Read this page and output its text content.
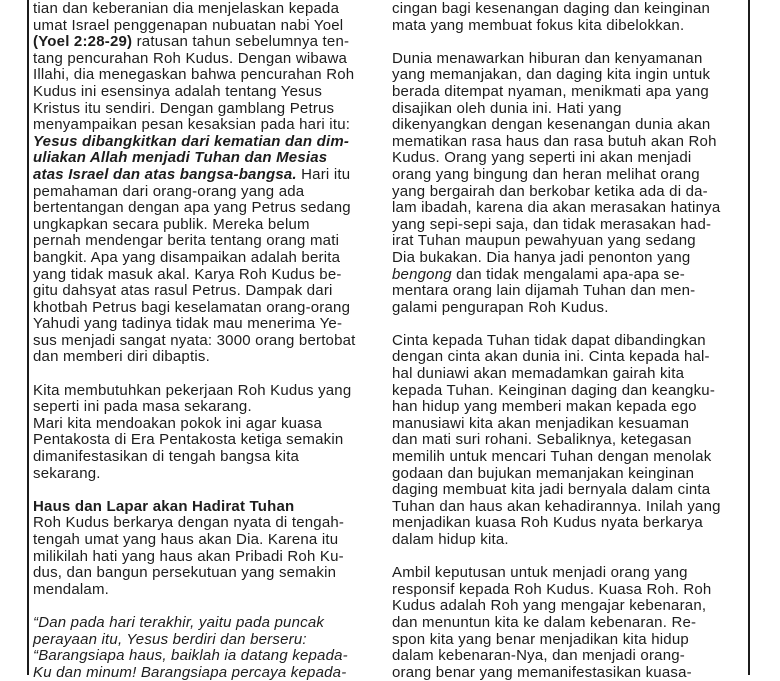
tian dan keberanian dia menjelaskan kepada
umat Israel penggenapan nubuatan nabi Yoel
(Yoel 2:28-29) ratusan tahun sebelumnya ten-
tang pencurahan Roh Kudus. Dengan wibawa
Illahi, dia menegaskan bahwa pencurahan Roh
Kudus ini esensinya adalah tentang Yesus
Kristus itu sendiri. Dengan gamblang Petrus
menyampaikan pesan kesaksian pada hari itu:
Yesus dibangkitkan dari kematian dan dim-
uliakan Allah menjadi Tuhan dan Mesias
atas Israel dan atas bangsa-bangsa. Hari itu
pemahaman dari orang-orang yang ada
bertentangan dengan apa yang Petrus sedang
ungkapkan secara publik. Mereka belum
pernah mendengar berita tentang orang mati
bangkit. Apa yang disampaikan adalah berita
yang tidak masuk akal. Karya Roh Kudus be-
gitu dahsyat atas rasul Petrus. Dampak dari
khotbah Petrus bagi keselamatan orang-orang
Yahudi yang tadinya tidak mau menerima Ye-
sus menjadi sangat nyata: 3000 orang bertobat
dan memberi diri dibaptis.

Kita membutuhkan pekerjaan Roh Kudus yang
seperti ini pada masa sekarang.
Mari kita mendoakan pokok ini agar kuasa
Pentakosta di Era Pentakosta ketiga semakin
dimanifestasikan di tengah bangsa kita
sekarang.

Haus dan Lapar akan Hadirat Tuhan
Roh Kudus berkarya dengan nyata di tengah-
tengah umat yang haus akan Dia. Karena itu
milikilah hati yang haus akan Pribadi Roh Ku-
dus, dan bangun persekutuan yang semakin
mendalam.

“Dan pada hari terakhir, yaitu pada puncak
perayaan itu, Yesus berdiri dan berseru:
“Barangsiapa haus, baiklah ia datang kepada-
Ku dan minum! Barangsiapa percaya kepada-
cingan bagi kesenangan daging dan keinginan
mata yang membuat fokus kita dibelokkan.

Dunia menawarkan hiburan dan kenyamanan
yang memanjakan, dan daging kita ingin untuk
berada ditempat nyaman, menikmati apa yang
disajikan oleh dunia ini. Hati yang
dikenyangkan dengan kesenangan dunia akan
mematikan rasa haus dan rasa butuh akan Roh
Kudus. Orang yang seperti ini akan menjadi
orang yang bingung dan heran melihat orang
yang bergairah dan berkobar ketika ada di da-
lam ibadah, karena dia akan merasakan hatinya
yang sepi-sepi saja, dan tidak merasakan had-
irat Tuhan maupun pewahyuan yang sedang
Dia bukakan. Dia hanya jadi penonton yang
bengong dan tidak mengalami apa-apa se-
mentara orang lain dijamah Tuhan dan men-
galami pengurapan Roh Kudus.

Cinta kepada Tuhan tidak dapat dibandingkan
dengan cinta akan dunia ini. Cinta kepada hal-
hal duniawi akan memadamkan gairah kita
kepada Tuhan. Keinginan daging dan keangku-
han hidup yang memberi makan kepada ego
manusiawi kita akan menjadikan kesuaman
dan mati suri rohani. Sebaliknya, ketegasan
memilih untuk mencari Tuhan dengan menolak
godaan dan bujukan memanjakan keinginan
daging membuat kita jadi bernyala dalam cinta
Tuhan dan haus akan kehadirannya. Inilah yang
menjadikan kuasa Roh Kudus nyata berkarya
dalam hidup kita.

Ambil keputusan untuk menjadi orang yang
responsif kepada Roh Kudus. Kuasa Roh. Roh
Kudus adalah Roh yang mengajar kebenaran,
dan menuntun kita ke dalam kebenaran. Re-
spon kita yang benar menjadikan kita hidup
dalam kebenaran-Nya, dan menjadi orang-
orang benar yang memanifestasikan kuasa-
